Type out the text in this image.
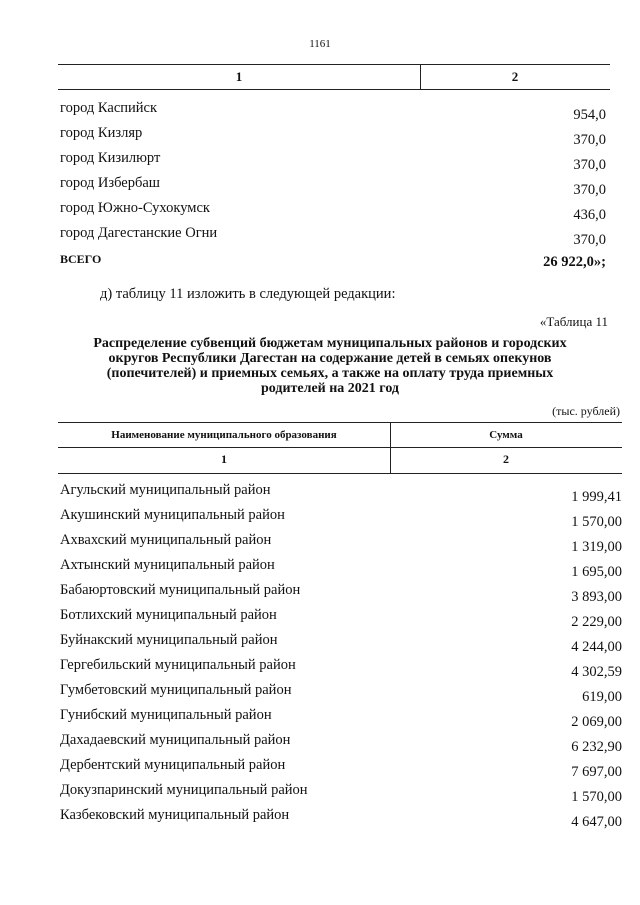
1161
1	2
город Каспийск	954,0
город Кизляр	370,0
город Кизилюрт	370,0
город Избербаш	370,0
город Южно-Сухокумск	436,0
город Дагестанские Огни	370,0
ВСЕГО	26 922,0»;
д) таблицу 11 изложить в следующей редакции:
«Таблица 11
Распределение субвенций бюджетам муниципальных районов и городских
округов Республики Дагестан на содержание детей в семьях опекунов
(попечителей) и приемных семьях, а также на оплату труда приемных
родителей на 2021 год
(тыс. рублей)
Наименование муниципального образования	Сумма
1	2
Агульский муниципальный район	1 999,41
Акушинский муниципальный район	1 570,00
Ахвахский муниципальный район	1 319,00
Ахтынский муниципальный район	1 695,00
Бабаюртовский муниципальный район	3 893,00
Ботлихский муниципальный район	2 229,00
Буйнакский муниципальный район	4 244,00
Гергебильский муниципальный район	4 302,59
Гумбетовский муниципальный район	619,00
Гунибский муниципальный район	2 069,00
Дахадаевский муниципальный район	6 232,90
Дербентский муниципальный район	7 697,00
Докузпаринский муниципальный район	1 570,00
Казбековский муниципальный район	4 647,00
